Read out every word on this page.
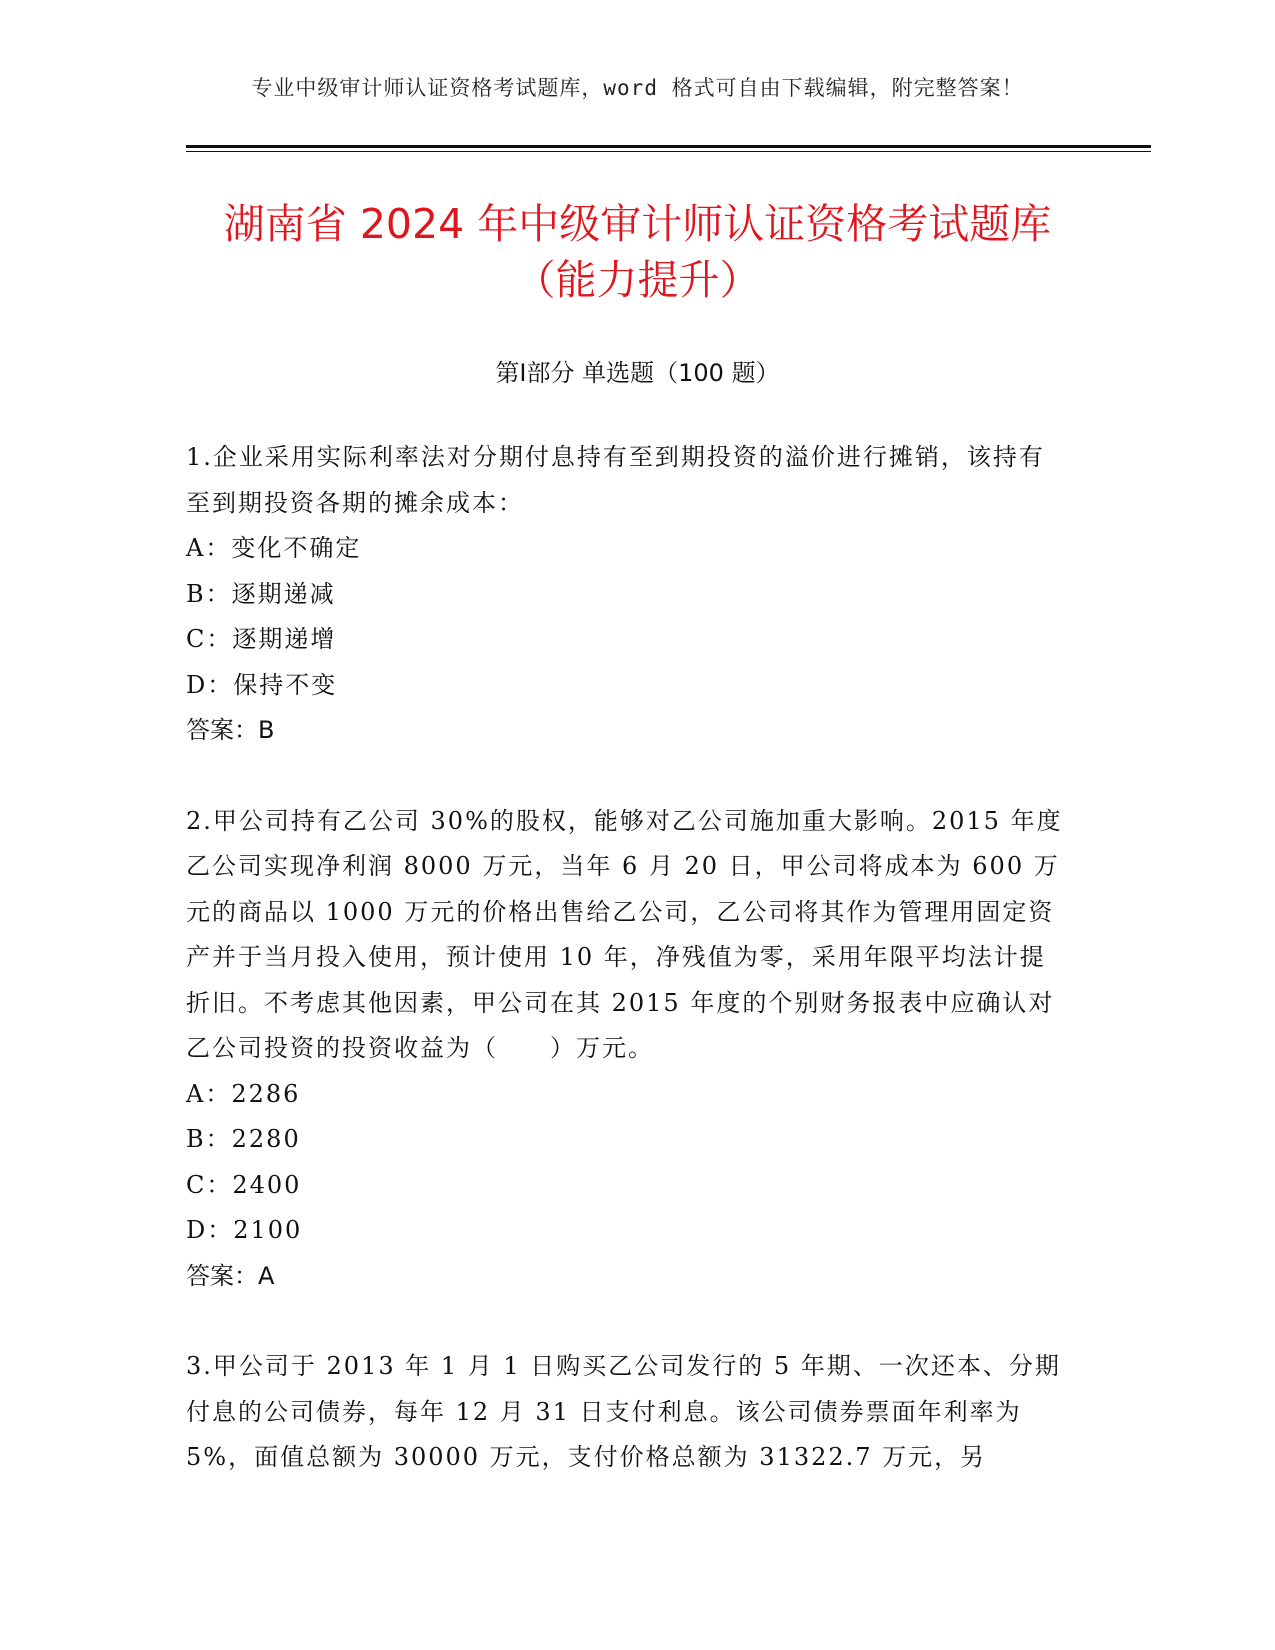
专业中级审计师认证资格考试题库，word 格式可自由下载编辑，附完整答案！
湖南省 2024 年中级审计师认证资格考试题库
（能力提升）
第Ⅰ部分 单选题（100 题）

1.企业采用实际利率法对分期付息持有至到期投资的溢价进行摊销，该持有至到期投资各期的摊余成本：

A：变化不确定

B：逐期递减

C：逐期递增

D：保持不变

答案：B

2.甲公司持有乙公司 30%的股权，能够对乙公司施加重大影响。2015 年度乙公司实现净利润 8000 万元，当年 6 月 20 日，甲公司将成本为 600 万元的商品以 1000 万元的价格出售给乙公司，乙公司将其作为管理用固定资产并于当月投入使用，预计使用 10 年，净残值为零，采用年限平均法计提折旧。不考虑其他因素，甲公司在其 2015 年度的个别财务报表中应确认对乙公司投资的投资收益为（　　）万元。

A：2286

B：2280

C：2400

D：2100

答案：A

3.甲公司于 2013 年 1 月 1 日购买乙公司发行的 5 年期、一次还本、分期付息的公司债券，每年 12 月 31 日支付利息。该公司债券票面年利率为 5%，面值总额为 30000 万元，支付价格总额为 31322.7 万元，另
